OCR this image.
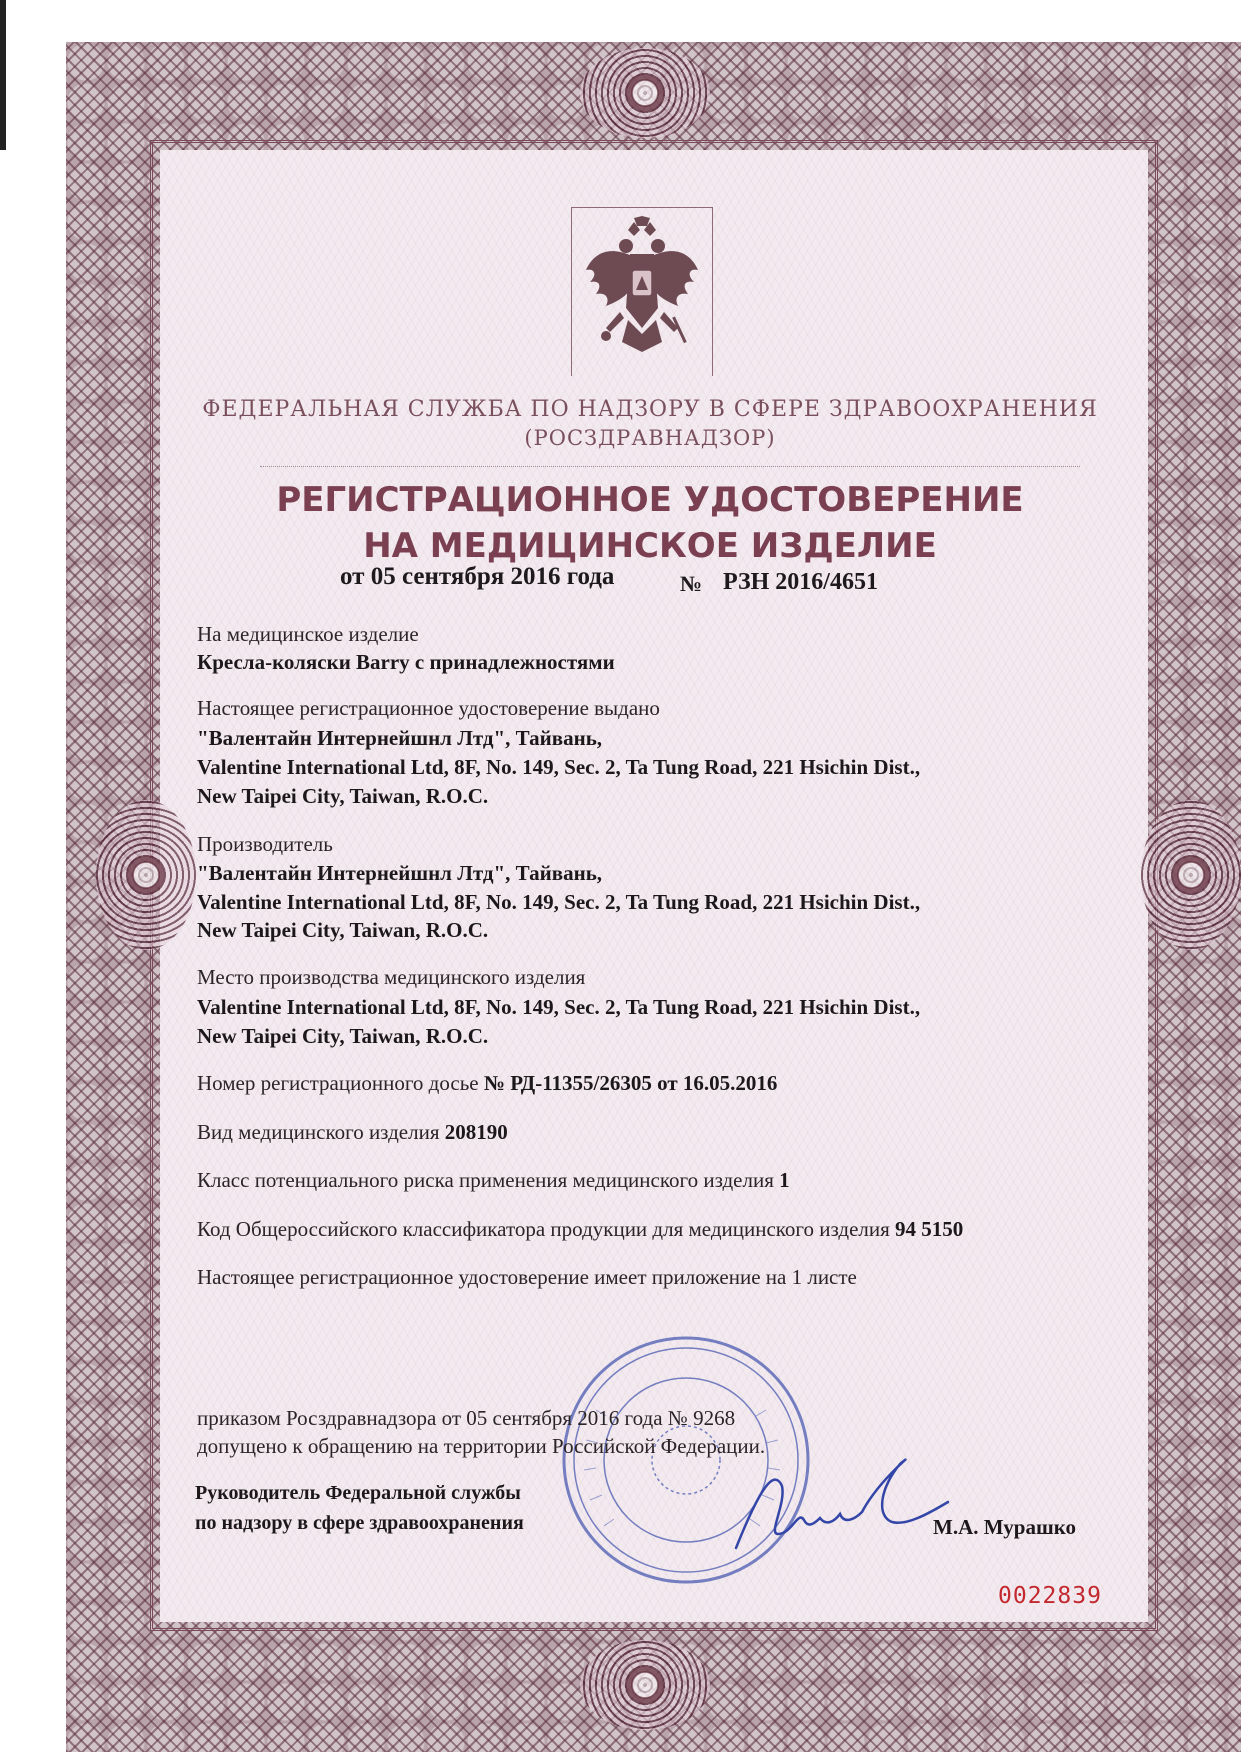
ФЕДЕРАЛЬНАЯ СЛУЖБА ПО НАДЗОРУ В СФЕРЕ ЗДРАВООХРАНЕНИЯ
(РОСЗДРАВНАДЗОР)
РЕГИСТРАЦИОННОЕ УДОСТОВЕРЕНИЕ
НА МЕДИЦИНСКОЕ ИЗДЕЛИЕ
от 05 сентября 2016 года	№ РЗН 2016/4651
На медицинское изделие
Кресла-коляски Barry с принадлежностями
Настоящее регистрационное удостоверение выдано
"Валентайн Интернейшнл Лтд", Тайвань,
Valentine International Ltd, 8F, No. 149, Sec. 2, Ta Tung Road, 221 Hsichin Dist.,
New Taipei City, Taiwan, R.O.C.
Производитель
"Валентайн Интернейшнл Лтд", Тайвань,
Valentine International Ltd, 8F, No. 149, Sec. 2, Ta Tung Road, 221 Hsichin Dist.,
New Taipei City, Taiwan, R.O.C.
Место производства медицинского изделия
Valentine International Ltd, 8F, No. 149, Sec. 2, Ta Tung Road, 221 Hsichin Dist.,
New Taipei City, Taiwan, R.O.C.
Номер регистрационного досье № РД-11355/26305 от 16.05.2016
Вид медицинского изделия 208190
Класс потенциального риска применения медицинского изделия 1
Код Общероссийского классификатора продукции для медицинского изделия 94 5150
Настоящее регистрационное удостоверение имеет приложение на 1 листе
приказом Росздравнадзора от 05 сентября 2016 года № 9268
допущено к обращению на территории Российской Федерации.
Руководитель Федеральной службы
по надзору в сфере здравоохранения	М.А. Мурашко
0022839
